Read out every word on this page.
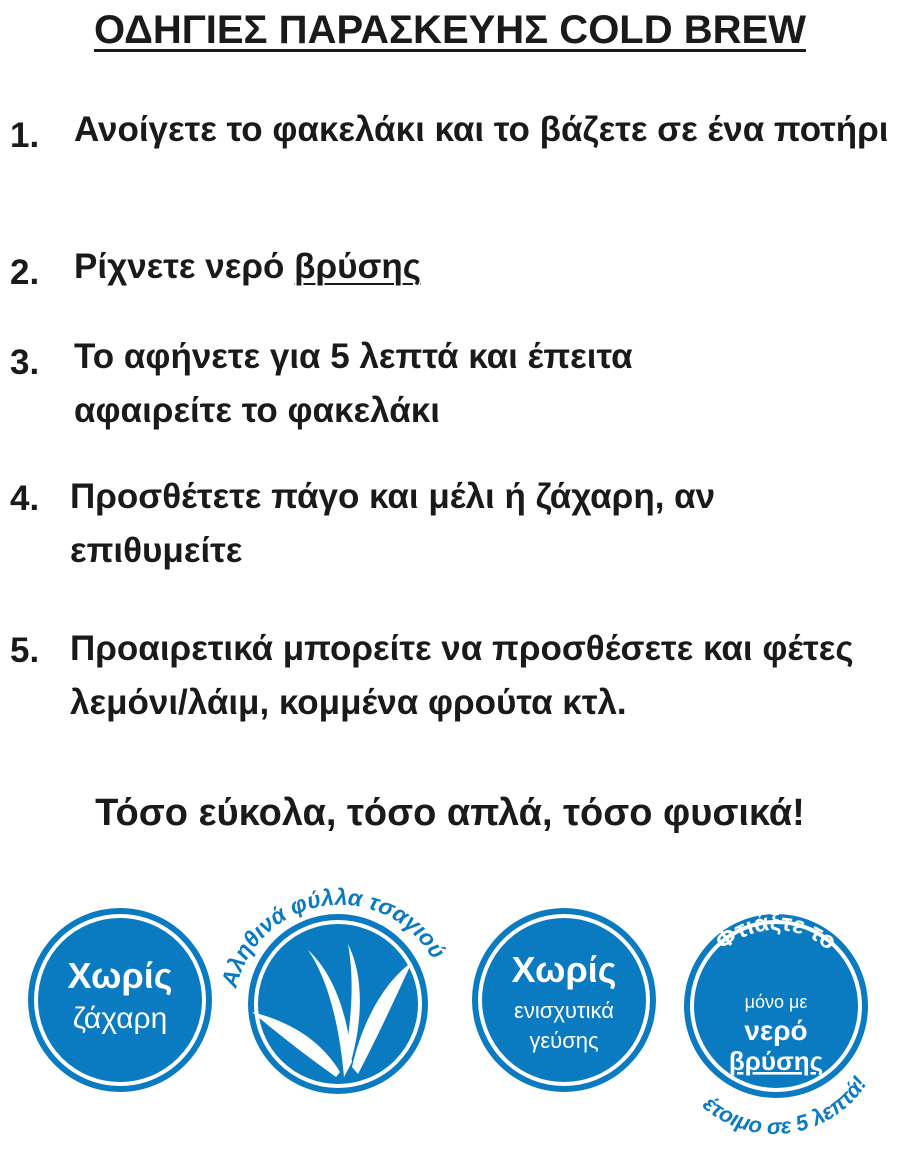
ΟΔΗΓΙΕΣ ΠΑΡΑΣΚΕΥΗΣ COLD BREW
1. Ανοίγετε το φακελάκι και το βάζετε σε ένα ποτήρι
2. Ρίχνετε νερό βρύσης
3. Το αφήνετε για 5 λεπτά και έπειτα αφαιρείτε το φακελάκι
4. Προσθέτετε πάγο και μέλι ή ζάχαρη, αν επιθυμείτε
5. Προαιρετικά μπορείτε να προσθέσετε και φέτες λεμόνι/λάιμ, κομμένα φρούτα κτλ.
Τόσο εύκολα, τόσο απλά, τόσο φυσικά!
Χωρίς
ζάχαρη
Αληθινά φύλλα τσαγιού Χωρίς
ενισχυτικά
γεύσης
Φτιάξτε το
μόνο με
νερό
βρύσης
έτοιμο σε 5 λεπτά!
